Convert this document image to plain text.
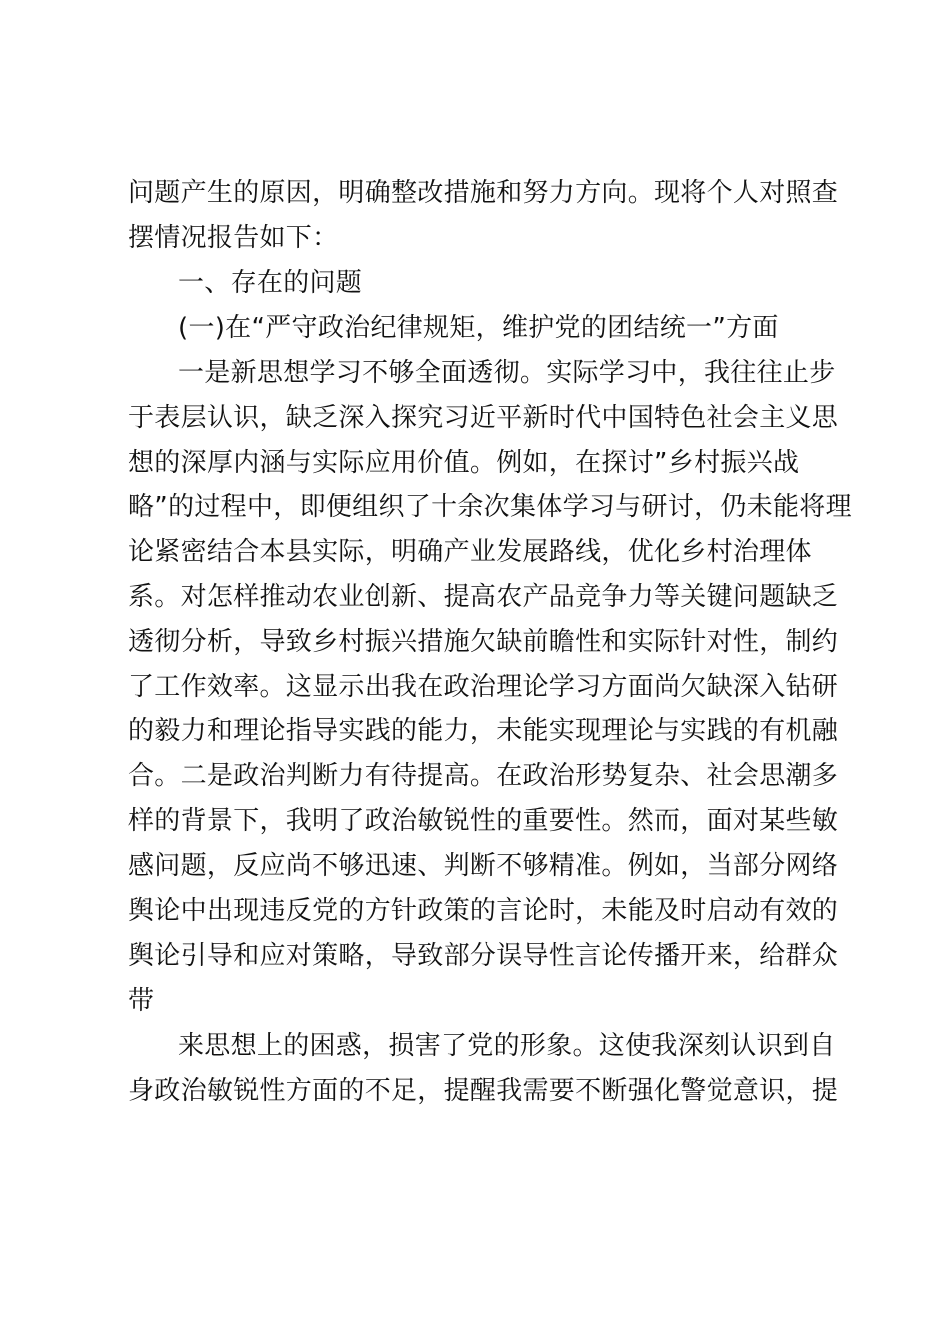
问题产生的原因，明确整改措施和努力方向。现将个人对照查

摆情况报告如下：

一、存在的问题

(一)在“严守政治纪律规矩，维护党的团结统一”方面

一是新思想学习不够全面透彻。实际学习中，我往往止步

于表层认识，缺乏深入探究习近平新时代中国特色社会主义思

想的深厚内涵与实际应用价值。例如，在探讨”乡村振兴战

略”的过程中，即便组织了十余次集体学习与研讨，仍未能将理

论紧密结合本县实际，明确产业发展路线，优化乡村治理体

系。对怎样推动农业创新、提高农产品竞争力等关键问题缺乏

透彻分析，导致乡村振兴措施欠缺前瞻性和实际针对性，制约

了工作效率。这显示出我在政治理论学习方面尚欠缺深入钻研

的毅力和理论指导实践的能力，未能实现理论与实践的有机融

合。二是政治判断力有待提高。在政治形势复杂、社会思潮多

样的背景下，我明了政治敏锐性的重要性。然而，面对某些敏

感问题，反应尚不够迅速、判断不够精准。例如，当部分网络

舆论中出现违反党的方针政策的言论时，未能及时启动有效的

舆论引导和应对策略，导致部分误导性言论传播开来，给群众

带

来思想上的困惑，损害了党的形象。这使我深刻认识到自

身政治敏锐性方面的不足，提醒我需要不断强化警觉意识，提
